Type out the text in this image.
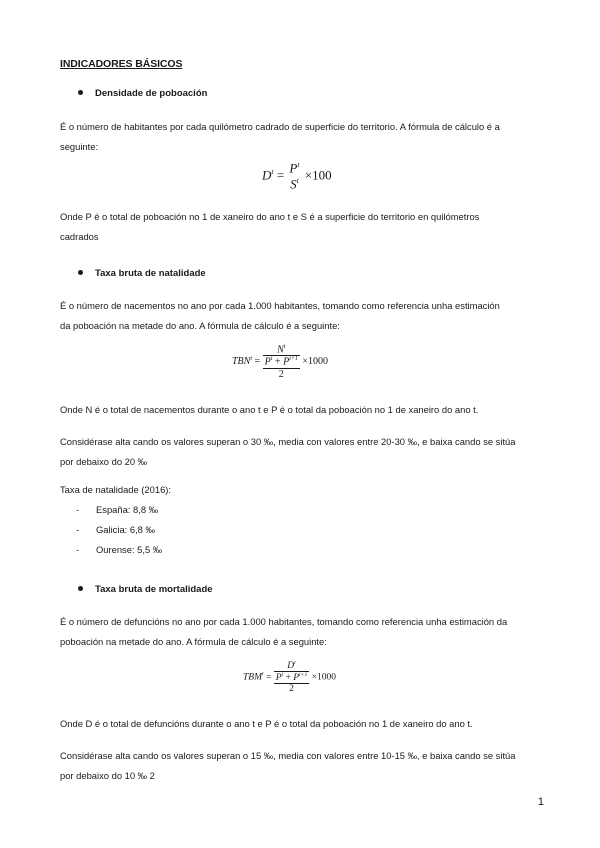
INDICADORES BÁSICOS
Densidade de poboación
É o número de habitantes por cada quilómetro cadrado de superficie do territorio. A fórmula de cálculo é a
seguinte:
$D^t = P^t$
$S^t \times 100$
Onde P é o total de poboación no 1 de xaneiro do ano t e S é a superficie do territorio en quilómetros
cadrados
Taxa bruta de natalidade
É o número de nacementos no ano por cada 1.000 habitantes, tomando como referencia unha estimación
da poboación na metade do ano. A fórmula de cálculo é a seguinte:
$TBN^t$ =
$N^t$
$P^t + P^{t+1}$
2
×1000
Onde N é o total de nacementos durante o ano t e P é o total da poboación no 1 de xaneiro do ano t.
Considérase alta cando os valores superan o 30 ‰, media con valores entre 20-30 ‰, e baixa cando se sitúa
por debaixo do 20 ‰
Taxa de natalidade (2016):
- España: 8,8 ‰
- Galicia: 6,8 ‰
- Ourense: 5,5 ‰
Taxa bruta de mortalidade
É o número de defuncións no ano por cada 1.000 habitantes, tomando como referencia unha estimación da
poboación na metade do ano. A fórmula de cálculo é a seguinte:
$TBM^t$ =
$D^t$
$P^t + P^{t+1}$
2
×1000
Onde D é o total de defuncións durante o ano t e P é o total da poboación no 1 de xaneiro do ano t.
Considérase alta cando os valores superan o 15 ‰, media con valores entre 10-15 ‰, e baixa cando se sitúa
por debaixo do 10 ‰ 2
1
